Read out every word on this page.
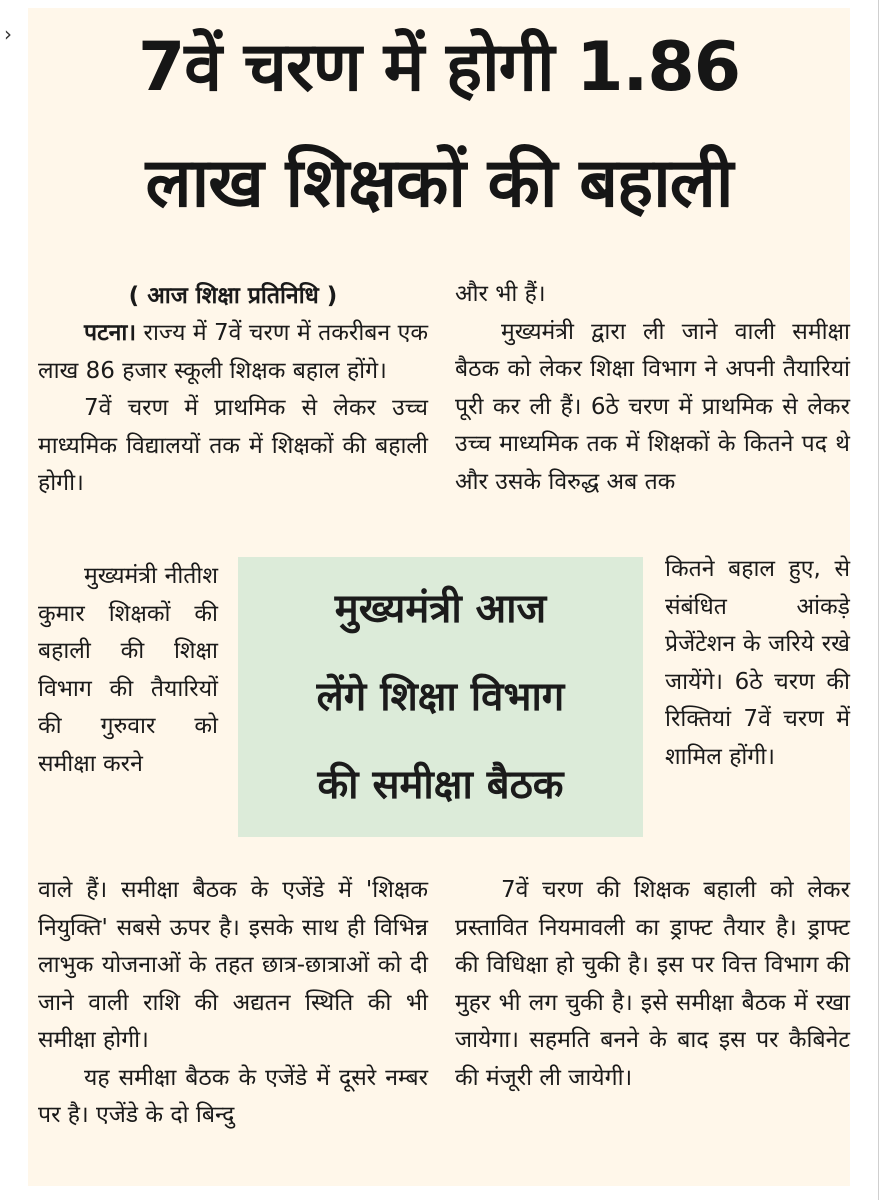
›	7वें चरण में होगी 1.86
लाख शिक्षकों की बहाली

( आज शिक्षा प्रतिनिधि )

पटना। राज्य में 7वें चरण में तकरीबन एक लाख 86 हजार स्कूली शिक्षक बहाल होंगे।

7वें चरण में प्राथमिक से लेकर उच्च माध्यमिक विद्यालयों तक में शिक्षकों की बहाली होगी।

मुख्यमंत्री नीतीश कुमार शिक्षकों की बहाली की शिक्षा विभाग की तैयारियों की गुरुवार को समीक्षा करने

वाले हैं। समीक्षा बैठक के एजेंडे में 'शिक्षक नियुक्ति' सबसे ऊपर है। इसके साथ ही विभिन्न लाभुक योजनाओं के तहत छात्र-छात्राओं को दी जाने वाली राशि की अद्यतन स्थिति की भी समीक्षा होगी।

यह समीक्षा बैठक के एजेंडे में दूसरे नम्बर पर है। एजेंडे के दो बिन्दु

और भी हैं।

मुख्यमंत्री द्वारा ली जाने वाली समीक्षा बैठक को लेकर शिक्षा विभाग ने अपनी तैयारियां पूरी कर ली हैं। 6ठे चरण में प्राथमिक से लेकर उच्च माध्यमिक तक में शिक्षकों के कितने पद थे और उसके विरुद्ध अब तक

कितने बहाल हुए, से संबंधित आंकड़े प्रेजेंटेशन के जरिये रखे जायेंगे। 6ठे चरण की रिक्तियां 7वें चरण में शामिल होंगी।

7वें चरण की शिक्षक बहाली को लेकर प्रस्तावित नियमावली का ड्राफ्ट तैयार है। ड्राफ्ट की विधिक्षा हो चुकी है। इस पर वित्त विभाग की मुहर भी लग चुकी है। इसे समीक्षा बैठक में रखा जायेगा। सहमति बनने के बाद इस पर कैबिनेट की मंजूरी ली जायेगी।

मुख्यमंत्री आज
लेंगे शिक्षा विभाग
की समीक्षा बैठक
